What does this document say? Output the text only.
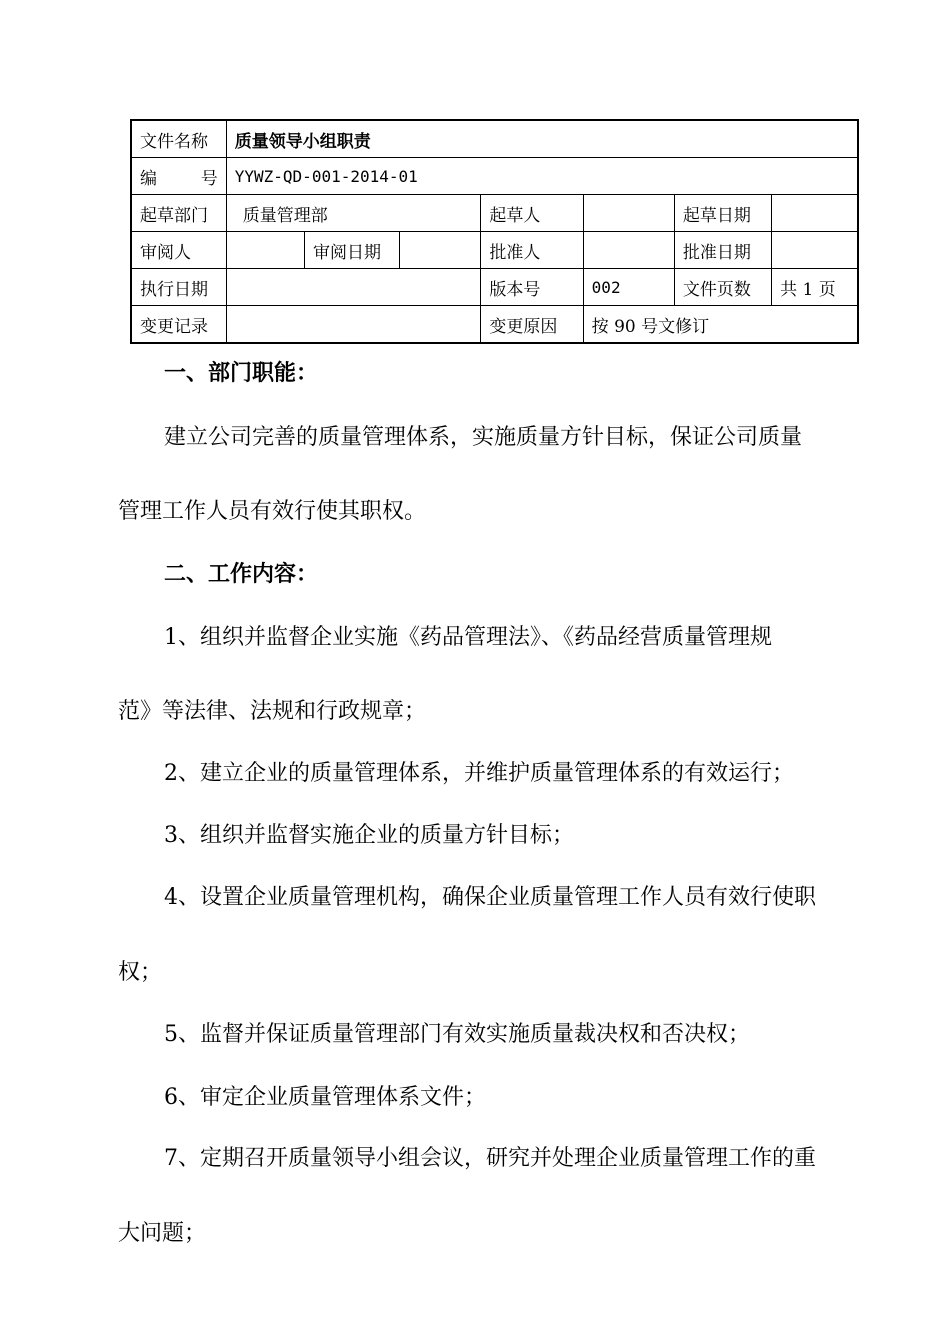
文件名称	质量领导小组职责						

编 号	YYWZ-QD-001-2014-01						
起草部门	质量管理部			起草人		起草日期	
审阅人		审阅日期		批准人		批准日期	
执行日期				版本号	002	文件页数	共 1 页
变更记录				变更原因	按 90 号文修订		

一、部门职能：

建立公司完善的质量管理体系，实施质量方针目标，保证公司质量

管理工作人员有效行使其职权。

二、工作内容：

1、组织并监督企业实施《药品管理法》、《药品经营质量管理规

范》等法律、法规和行政规章；

2、建立企业的质量管理体系，并维护质量管理体系的有效运行；

3、组织并监督实施企业的质量方针目标；

4、设置企业质量管理机构，确保企业质量管理工作人员有效行使职

权；

5、监督并保证质量管理部门有效实施质量裁决权和否决权；

6、审定企业质量管理体系文件；

7、定期召开质量领导小组会议，研究并处理企业质量管理工作的重

大问题；
